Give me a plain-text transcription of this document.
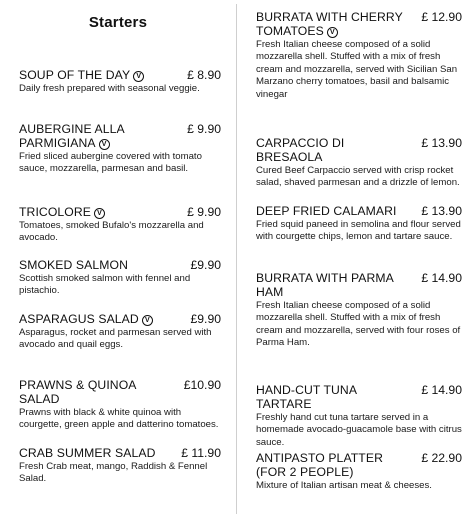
Starters
SOUP OF THE DAY V	£ 8.90
Daily fresh prepared with seasonal veggie.
AUBERGINE ALLA PARMIGIANA V
£ 9.90
Fried sliced aubergine covered with tomato sauce, mozzarella, parmesan and basil.
TRICOLORE V	£ 9.90
Tomatoes, smoked Bufalo's mozzarella and avocado.
SMOKED SALMON	£9.90
Scottish smoked salmon with fennel and pistachio.
ASPARAGUS SALAD V	£9.90
Asparagus, rocket and parmesan served with avocado and quail eggs.
PRAWNS & QUINOA SALAD
£10.90
Prawns with black & white quinoa with courgette, green apple and datterino tomatoes.
CRAB SUMMER SALAD	£ 11.90
Fresh Crab meat, mango, Raddish & Fennel Salad.
BURRATA WITH CHERRY TOMATOES V
£ 12.90
Fresh Italian cheese composed of a solid mozzarella shell. Stuffed with a mix of fresh cream and mozzarella, served with Sicilian San Marzano cherry tomatoes, basil and balsamic vinegar
CARPACCIO DI BRESAOLA
£ 13.90
Cured Beef Carpaccio served with crisp rocket salad, shaved parmesan and a drizzle of lemon.
DEEP FRIED CALAMARI	£ 13.90
Fried squid paneed in semolina and flour served with courgette chips, lemon and tartare sauce.
BURRATA WITH PARMA HAM
£ 14.90
Fresh Italian cheese composed of a solid mozzarella shell. Stuffed with a mix of fresh cream and mozzarella, served with four roses of Parma Ham.
HAND-CUT TUNA TARTARE
£ 14.90
Freshly hand cut tuna tartare served in a homemade avocado-guacamole base with citrus sauce.
ANTIPASTO PLATTER (FOR 2 PEOPLE)
£ 22.90
Mixture of Italian artisan meat & cheeses.
